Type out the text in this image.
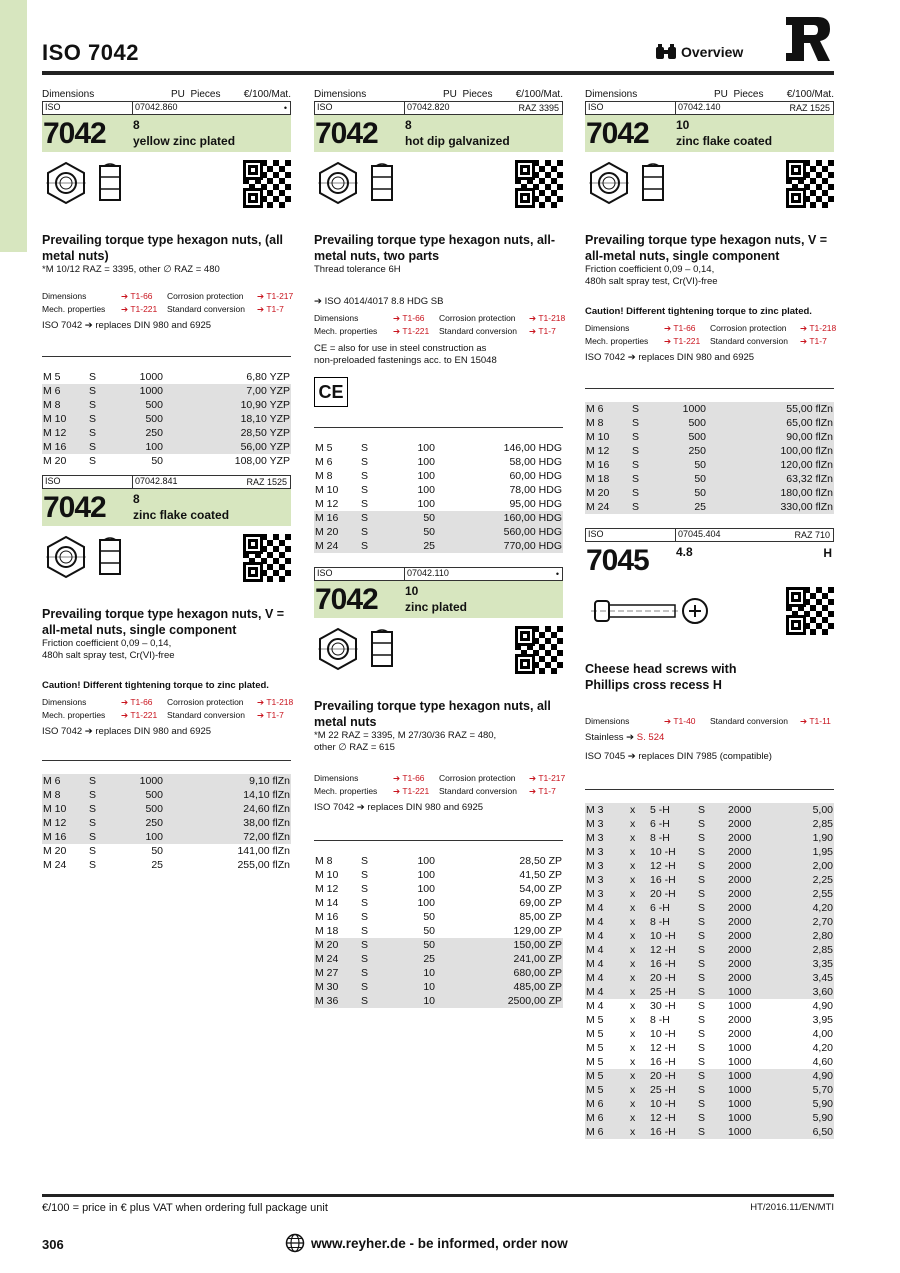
ISO 7042	Overview
Dimensions	PU Pieces	€/100/Mat.
ISO	07042.860	•
7042	8
yellow zinc plated
Prevailing torque type hexagon nuts, (all metal nuts)
*M 10/12 RAZ = 3395, other ∅ RAZ = 480
Dimensions	➔ T1-66	Corrosion protection	➔ T1-217
Mech. properties	➔ T1-221	Standard conversion	➔ T1-7
ISO 7042 ➔ replaces DIN 980 and 6925
M 5	S	1000	6,80 YZP
M 6	S	1000	7,00 YZP
M 8	S	500	10,90 YZP
M 10	S	500	18,10 YZP
M 12	S	250	28,50 YZP
M 16	S	100	56,00 YZP
M 20	S	50	108,00 YZP
ISO	07042.841	RAZ 1525
7042	8
zinc flake coated
Prevailing torque type hexagon nuts, V = all-metal nuts, single component
Friction coefficient 0,09 – 0,14,
480h salt spray test, Cr(VI)-free
Caution! Different tightening torque to zinc plated.
Dimensions	➔ T1-66	Corrosion protection	➔ T1-218
Mech. properties	➔ T1-221	Standard conversion	➔ T1-7
ISO 7042 ➔ replaces DIN 980 and 6925
M 6	S	1000	9,10 flZn
M 8	S	500	14,10 flZn
M 10	S	500	24,60 flZn
M 12	S	250	38,00 flZn
M 16	S	100	72,00 flZn
M 20	S	50	141,00 flZn
M 24	S	25	255,00 flZn
Dimensions	PU Pieces	€/100/Mat.
ISO	07042.820	RAZ 3395
7042	8
hot dip galvanized
Prevailing torque type hexagon nuts, all-metal nuts, two parts
Thread tolerance 6H
➔ ISO 4014/4017 8.8 HDG SB
Dimensions	➔ T1-66	Corrosion protection	➔ T1-218
Mech. properties	➔ T1-221	Standard conversion	➔ T1-7
CE = also for use in steel construction as
non-preloaded fastenings acc. to EN 15048
CE
M 5	S	100	146,00 HDG
M 6	S	100	58,00 HDG
M 8	S	100	60,00 HDG
M 10	S	100	78,00 HDG
M 12	S	100	95,00 HDG
M 16	S	50	160,00 HDG
M 20	S	50	560,00 HDG
M 24	S	25	770,00 HDG
ISO	07042.110	•
7042	10
zinc plated
Prevailing torque type hexagon nuts, all metal nuts
*M 22 RAZ = 3395, M 27/30/36 RAZ = 480,
other ∅ RAZ = 615
Dimensions	➔ T1-66	Corrosion protection	➔ T1-217
Mech. properties	➔ T1-221	Standard conversion	➔ T1-7
ISO 7042 ➔ replaces DIN 980 and 6925
M 8	S	100	28,50 ZP
M 10	S	100	41,50 ZP
M 12	S	100	54,00 ZP
M 14	S	100	69,00 ZP
M 16	S	50	85,00 ZP
M 18	S	50	129,00 ZP
M 20	S	50	150,00 ZP
M 24	S	25	241,00 ZP
M 27	S	10	680,00 ZP
M 30	S	10	485,00 ZP
M 36	S	10	2500,00 ZP
Dimensions	PU Pieces	€/100/Mat.
ISO	07042.140	RAZ 1525
7042	10
zinc flake coated
Prevailing torque type hexagon nuts, V = all-metal nuts, single component
Friction coefficient 0,09 – 0,14,
480h salt spray test, Cr(VI)-free
Caution! Different tightening torque to zinc plated.
Dimensions	➔ T1-66	Corrosion protection	➔ T1-218
Mech. properties	➔ T1-221	Standard conversion	➔ T1-7
ISO 7042 ➔ replaces DIN 980 and 6925
M 6	S	1000	55,00 flZn
M 8	S	500	65,00 flZn
M 10	S	500	90,00 flZn
M 12	S	250	100,00 flZn
M 16	S	50	120,00 flZn
M 18	S	50	63,32 flZn
M 20	S	50	180,00 flZn
M 24	S	25	330,00 flZn
ISO	07045.404	RAZ 710
7045	4.8	H
Cheese head screws with Phillips cross recess H
Dimensions	➔ T1-40	Standard conversion	➔ T1-11
Stainless ➔ S. 524
ISO 7045 ➔ replaces DIN 7985 (compatible)
M 3	x	5 -H	S	2000	5,00
M 3	x	6 -H	S	2000	2,85
M 3	x	8 -H	S	2000	1,90
M 3	x	10 -H	S	2000	1,95
M 3	x	12 -H	S	2000	2,00
M 3	x	16 -H	S	2000	2,25
M 3	x	20 -H	S	2000	2,55
M 4	x	6 -H	S	2000	4,20
M 4	x	8 -H	S	2000	2,70
M 4	x	10 -H	S	2000	2,80
M 4	x	12 -H	S	2000	2,85
M 4	x	16 -H	S	2000	3,35
M 4	x	20 -H	S	2000	3,45
M 4	x	25 -H	S	1000	3,60
M 4	x	30 -H	S	1000	4,90
M 5	x	8 -H	S	2000	3,95
M 5	x	10 -H	S	2000	4,00
M 5	x	12 -H	S	1000	4,20
M 5	x	16 -H	S	1000	4,60
M 5	x	20 -H	S	1000	4,90
M 5	x	25 -H	S	1000	5,70
M 6	x	10 -H	S	1000	5,90
M 6	x	12 -H	S	1000	5,90
M 6	x	16 -H	S	1000	6,50
€/100 = price in € plus VAT when ordering full package unit	HT/2016.11/EN/MTI
306	www.reyher.de - be informed, order now
